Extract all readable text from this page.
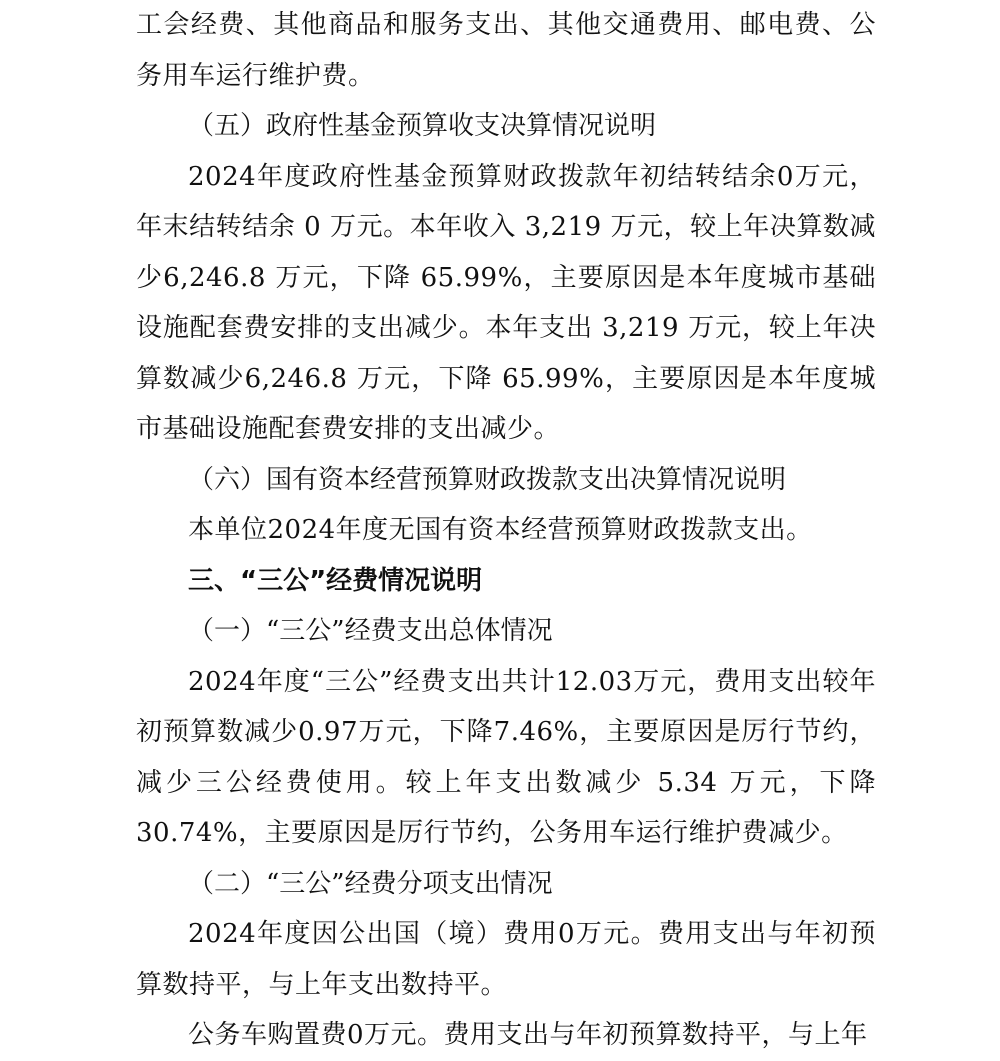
工会经费、其他商品和服务支出、其他交通费用、邮电费、公务用车运行维护费。

（五）政府性基金预算收支决算情况说明

2024年度政府性基金预算财政拨款年初结转结余0万元，年末结转结余 0 万元。本年收入 3,219 万元，较上年决算数减少6,246.8 万元，下降 65.99%，主要原因是本年度城市基础设施配套费安排的支出减少。本年支出 3,219 万元，较上年决算数减少6,246.8 万元，下降 65.99%，主要原因是本年度城市基础设施配套费安排的支出减少。

（六）国有资本经营预算财政拨款支出决算情况说明

本单位2024年度无国有资本经营预算财政拨款支出。

三、“三公”经费情况说明

（一）“三公”经费支出总体情况

2024年度“三公”经费支出共计12.03万元，费用支出较年初预算数减少0.97万元，下降7.46%，主要原因是厉行节约，减少三公经费使用。较上年支出数减少 5.34 万元，下降 30.74%，主要原因是厉行节约，公务用车运行维护费减少。

（二）“三公”经费分项支出情况

2024年度因公出国（境）费用0万元。费用支出与年初预算数持平，与上年支出数持平。

公务车购置费0万元。费用支出与年初预算数持平，与上年
